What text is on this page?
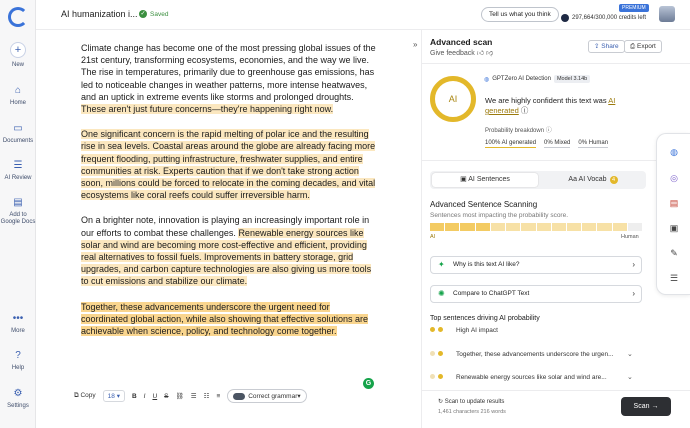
+
New
⌂
Home
▭
Documents
☰
AI Review
▤
Add to Google Docs
•••
More
?
Help
⚙
Settings
AI humanization i... ✓ Saved	Tell us what you think
PREMIUM
297,664/300,000 credits left

Climate change has become one of the most pressing global issues of the 21st century, transforming ecosystems, economies, and the way we live. The rise in temperatures, primarily due to greenhouse gas emissions, has led to noticeable changes in weather patterns, more intense heatwaves, and an uptick in extreme events like storms and prolonged droughts. These aren't just future concerns—they're happening right now.

One significant concern is the rapid melting of polar ice and the resulting rise in sea levels. Coastal areas around the globe are already facing more frequent flooding, putting infrastructure, freshwater supplies, and entire communities at risk. Experts caution that if we don't take strong action soon, millions could be forced to relocate in the coming decades, and vital ecosystems like coral reefs could suffer irreversible harm.

On a brighter note, innovation is playing an increasingly important role in our efforts to combat these challenges. Renewable energy sources like solar and wind are becoming more cost-effective and efficient, providing real alternatives to fossil fuels. Improvements in battery storage, grid upgrades, and carbon capture technologies are also giving us more tools to cut emissions and stabilize our climate.

Together, these advancements underscore the urgent need for coordinated global action, while also showing that effective solutions are achievable when science, policy, and technology come together.

G
⧉ Copy	18 ▾	B I U S ⛓ ☰ ☷ ≡	Correct grammar ▾
» Advanced scan
Give feedback 👍︎ 👎︎
⇪ Share	⎙ Export
AI
◍ GPTZero AI Detection	Model 3.14b
We are highly confident this text was AI generated ⓘ
Probability breakdown ⓘ
100% AI generated 0% Mixed 0% Human
▣ AI Sentences	Aa AI Vocab 4
Advanced Sentence Scanning
Sentences most impacting the probability score.
AI	Human
✦ Why is this text AI like?	›
✺ Compare to ChatGPT Text	›
Top sentences driving AI probability
High AI impact
Together, these advancements underscore the urgen... ⌄
Renewable energy sources like solar and wind are...	⌄
↻ Scan to update results
1,461 characters 216 words
Scan →
◍
◎
▤
▣
✎
☰
